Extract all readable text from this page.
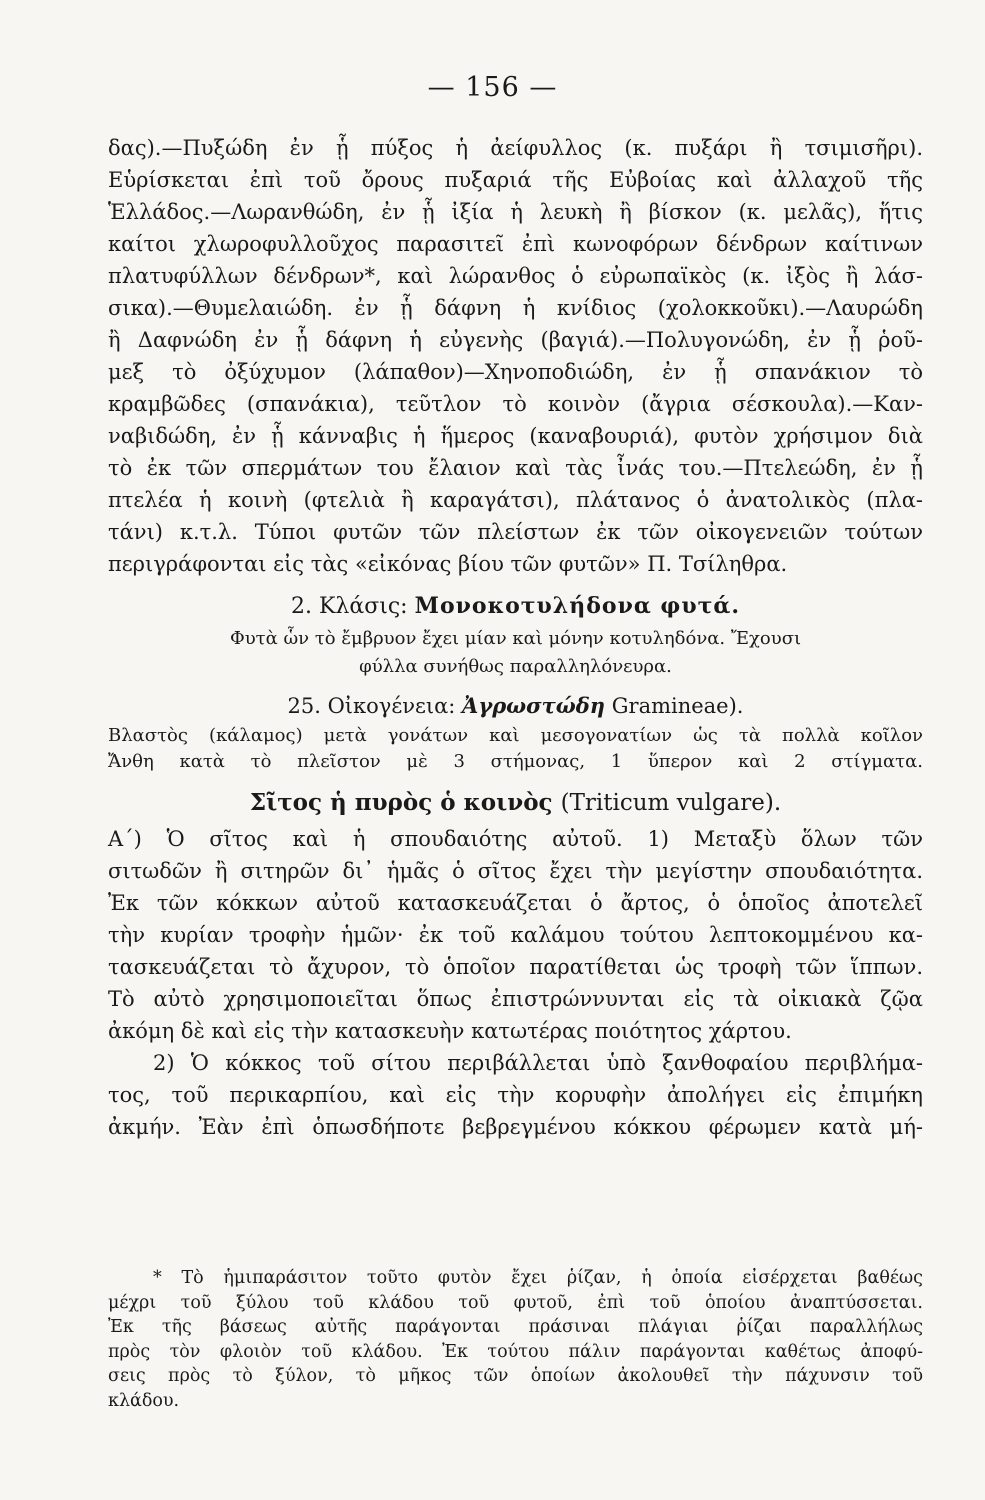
— 156 —
δας).—Πυξώδη ἐν ᾗ πύξος ἡ ἀείφυλλος (κ. πυξάρι ἢ τσιμισῆρι).
Εὑρίσκεται ἐπὶ τοῦ ὄρους πυξαριά τῆς Εὐβοίας καὶ ἀλλαχοῦ τῆς
Ἑλλάδος.—Λωρανθώδη, ἐν ᾗ ἰξία ἡ λευκὴ ἢ βίσκον (κ. μελᾶς), ἥτις
καίτοι χλωροφυλλοῦχος παρασιτεῖ ἐπὶ κωνοφόρων δένδρων καίτινων
πλατυφύλλων δένδρων*, καὶ λώρανθος ὁ εὐρωπαϊκὸς (κ. ἰξὸς ἢ λάσ-
σικα).—Θυμελαιώδη. ἐν ᾗ δάφνη ἡ κνίδιος (χολοκκοῦκι).—Λαυρώδη
ἢ Δαφνώδη ἐν ᾗ δάφνη ἡ εὐγενὴς (βαγιά).—Πολυγονώδη, ἐν ᾗ ῥοῦ-
μεξ τὸ ὀξύχυμον (λάπαθον)—Χηνοποδιώδη, ἐν ᾗ σπανάκιον τὸ
κραμβῶδες (σπανάκια), τεῦτλον τὸ κοινὸν (ἄγρια σέσκουλα).—Καν-
ναβιδώδη, ἐν ᾗ κάνναβις ἡ ἥμερος (καναβουριά), φυτὸν χρήσιμον διὰ
τὸ ἐκ τῶν σπερμάτων του ἔλαιον καὶ τὰς ἶνάς του.—Πτελεώδη, ἐν ᾗ
πτελέα ἡ κοινὴ (φτελιὰ ἢ καραγάτσι), πλάτανος ὁ ἀνατολικὸς (πλα-
τάνι) κ.τ.λ. Τύποι φυτῶν τῶν πλείστων ἐκ τῶν οἰκογενειῶν τούτων
περιγράφονται εἰς τὰς «εἰκόνας βίου τῶν φυτῶν» Π. Τσίληθρα.
2. Κλάσις: Μονοκοτυλήδονα φυτά.
Φυτὰ ὧν τὸ ἔμβρυον ἔχει μίαν καὶ μόνην κοτυληδόνα. Ἔχουσι
φύλλα συνήθως παραλληλόνευρα.
25. Οἰκογένεια: Ἀγρωστώδη Gramineae).
Βλαστὸς (κάλαμος) μετὰ γονάτων καὶ μεσογονατίων ὡς τὰ πολλὰ κοῖλον
Ἄνθη κατὰ τὸ πλεῖστον μὲ 3 στήμονας, 1 ὕπερον καὶ 2 στίγματα.
Σῖτος ἡ πυρὸς ὁ κοινὸς (Triticum vulgare).
Α΄) Ὁ σῖτος καὶ ἡ σπουδαιότης αὐτοῦ. 1) Μεταξὺ ὅλων τῶν
σιτωδῶν ἢ σιτηρῶν δι᾽ ἡμᾶς ὁ σῖτος ἔχει τὴν μεγίστην σπουδαιότητα.
Ἐκ τῶν κόκκων αὐτοῦ κατασκευάζεται ὁ ἄρτος, ὁ ὁποῖος ἀποτελεῖ
τὴν κυρίαν τροφὴν ἡμῶν· ἐκ τοῦ καλάμου τούτου λεπτοκομμένου κα-
τασκευάζεται τὸ ἄχυρον, τὸ ὁποῖον παρατίθεται ὡς τροφὴ τῶν ἵππων.
Τὸ αὐτὸ χρησιμοποιεῖται ὅπως ἐπιστρώννυνται εἰς τὰ οἰκιακὰ ζῷα
ἀκόμη δὲ καὶ εἰς τὴν κατασκευὴν κατωτέρας ποιότητος χάρτου.
2) Ὁ κόκκος τοῦ σίτου περιβάλλεται ὑπὸ ξανθοφαίου περιβλήμα-
τος, τοῦ περικαρπίου, καὶ εἰς τὴν κορυφὴν ἀπολήγει εἰς ἐπιμήκη
ἀκμήν. Ἐὰν ἐπὶ ὁπωσδήποτε βεβρεγμένου κόκκου φέρωμεν κατὰ μή-
* Τὸ ἡμιπαράσιτον τοῦτο φυτὸν ἔχει ῥίζαν, ἡ ὁποία εἰσέρχεται βαθέως
μέχρι τοῦ ξύλου τοῦ κλάδου τοῦ φυτοῦ, ἐπὶ τοῦ ὁποίου ἀναπτύσσεται.
Ἐκ τῆς βάσεως αὐτῆς παράγονται πράσιναι πλάγιαι ῥίζαι παραλλήλως
πρὸς τὸν φλοιὸν τοῦ κλάδου. Ἐκ τούτου πάλιν παράγονται καθέτως ἀποφύ-
σεις πρὸς τὸ ξύλον, τὸ μῆκος τῶν ὁποίων ἀκολουθεῖ τὴν πάχυνσιν τοῦ
κλάδου.
